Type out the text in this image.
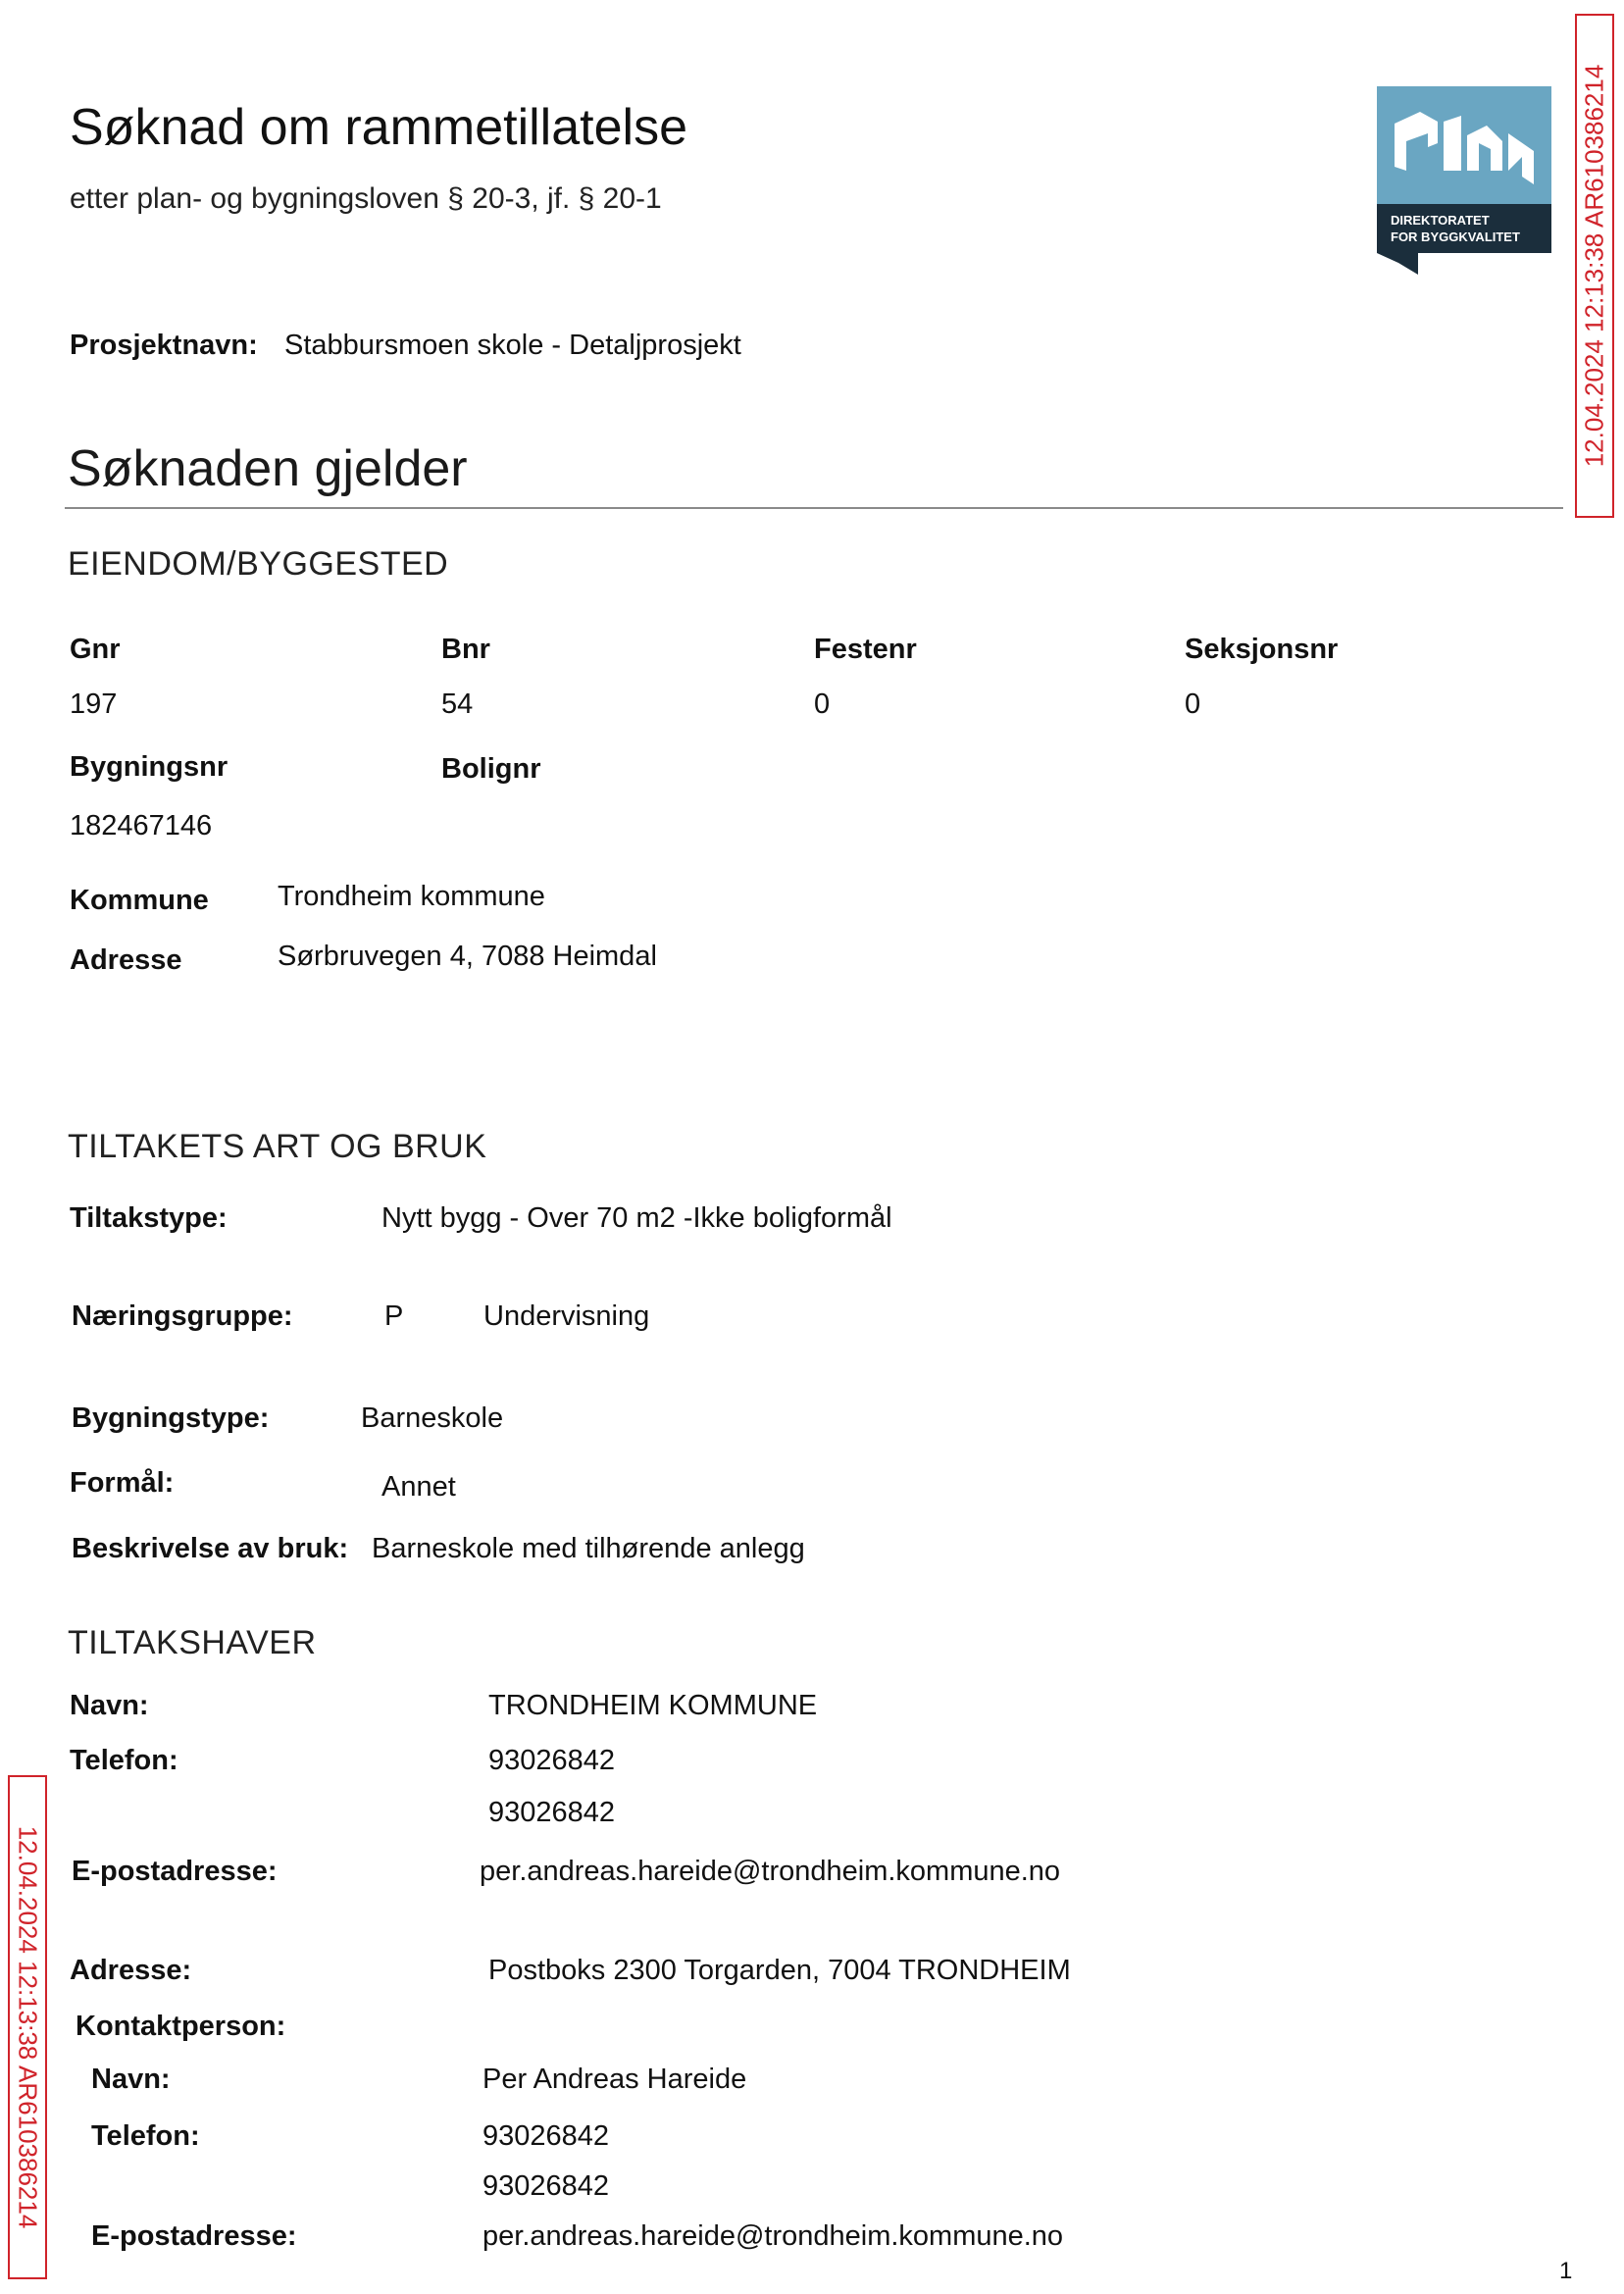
Søknad om rammetillatelse
etter plan- og bygningsloven § 20-3, jf. § 20-1
DIREKTORATET
FOR BYGGKVALITET 12.04.2024 12:13:38 AR610386214
12.04.2024 12:13:38 AR610386214
Prosjektnavn: Stabbursmoen skole - Detaljprosjekt
Søknaden gjelder
EIENDOM/BYGGESTED
Gnr	Bnr	Festenr	Seksjonsnr
197	54	0	0
Bygningsnr	Bolignr
182467146
Kommune Trondheim kommune
Adresse	Sørbruvegen 4, 7088 Heimdal
TILTAKETS ART OG BRUK
Tiltakstype:	Nytt bygg - Over 70 m2 -Ikke boligformål
Næringsgruppe:	P	Undervisning
Bygningstype:	Barneskole
Formål:	Annet
Beskrivelse av bruk: Barneskole med tilhørende anlegg
TILTAKSHAVER
Navn:	TRONDHEIM KOMMUNE
Telefon:	93026842
93026842
E-postadresse:	per.andreas.hareide@trondheim.kommune.no
Adresse:	Postboks 2300 Torgarden, 7004 TRONDHEIM
Kontaktperson:
Navn:	Per Andreas Hareide
Telefon:	93026842
93026842
E-postadresse:	per.andreas.hareide@trondheim.kommune.no
1
